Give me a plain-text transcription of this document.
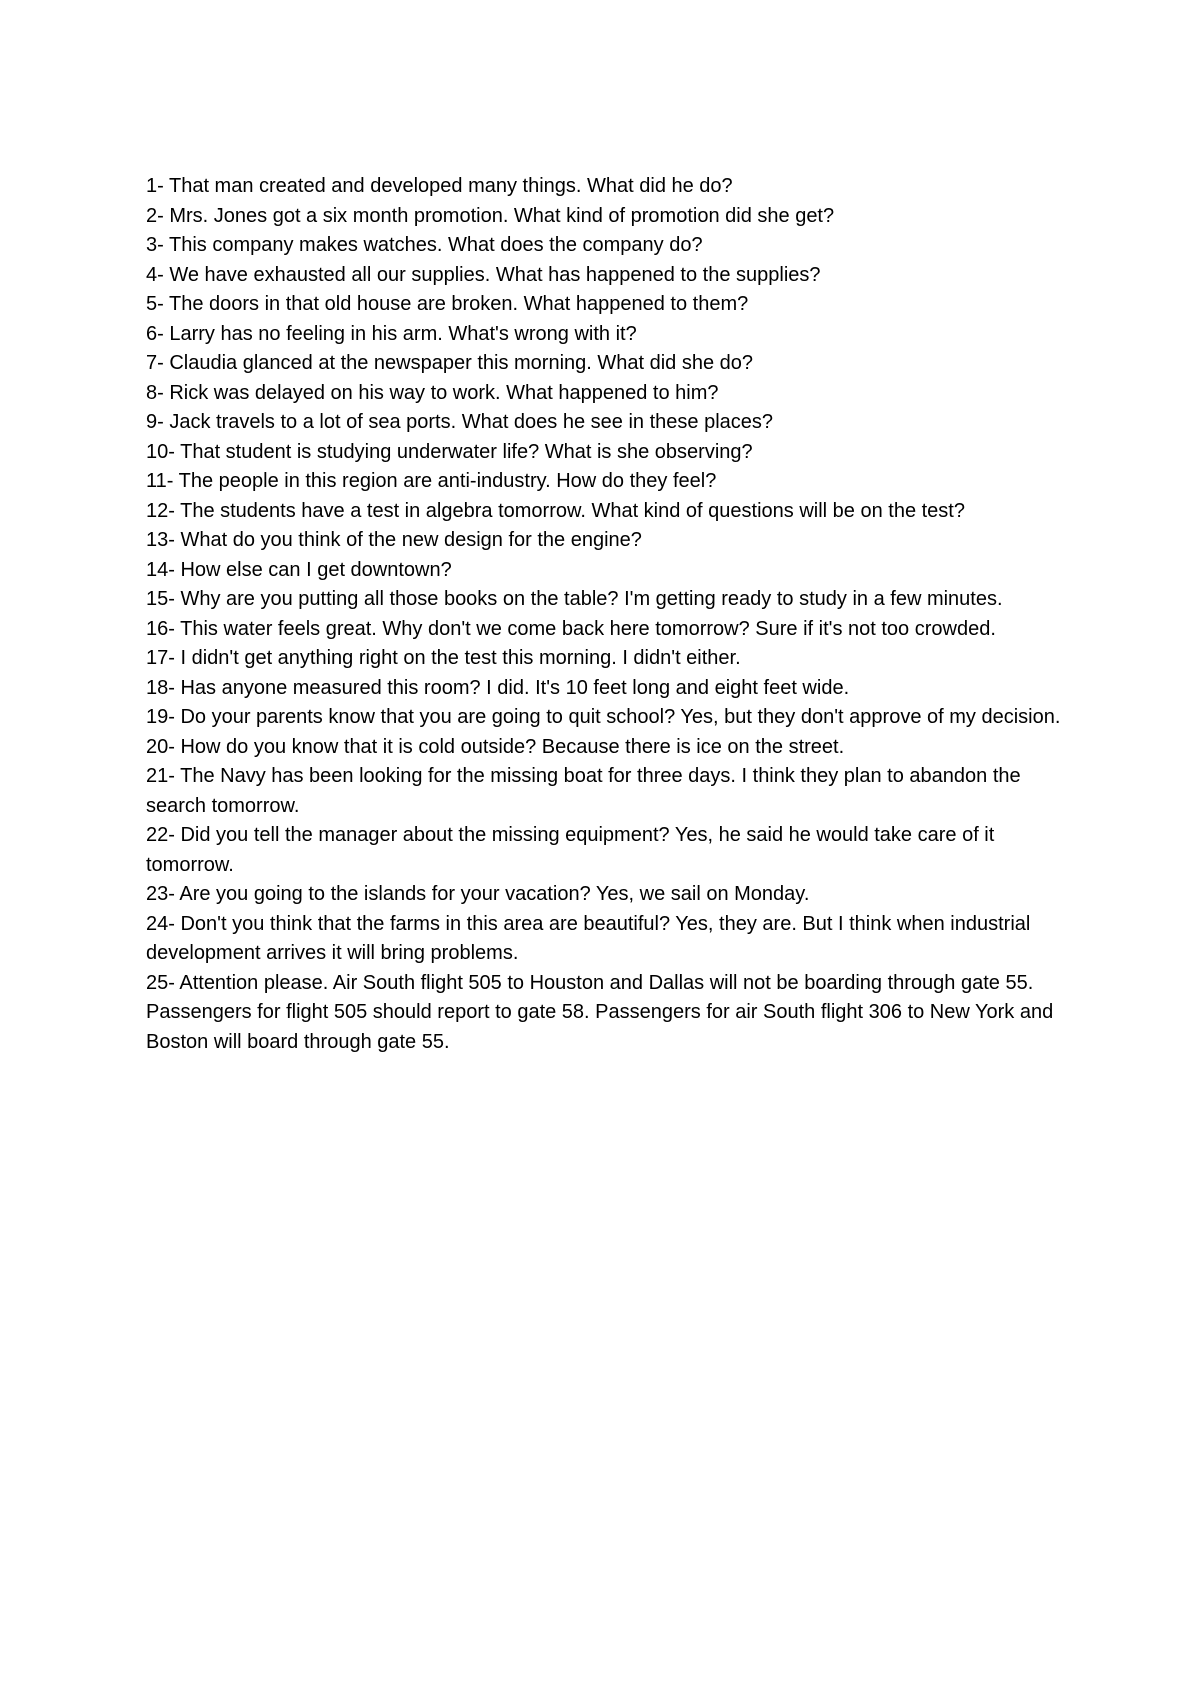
1- That man created and developed many things. What did he do?

2- Mrs. Jones got a six month promotion. What kind of promotion did she get?

3- This company makes watches. What does the company do?

4- We have exhausted all our supplies. What has happened to the supplies?

5- The doors in that old house are broken. What happened to them?

6- Larry has no feeling in his arm. What's wrong with it?

7- Claudia glanced at the newspaper this morning. What did she do?

8- Rick was delayed on his way to work. What happened to him?

9- Jack travels to a lot of sea ports. What does he see in these places?

10- That student is studying underwater life? What is she observing?

11- The people in this region are anti-industry. How do they feel?

12- The students have a test in algebra tomorrow. What kind of questions will be on the test?

13- What do you think of the new design for the engine?

14- How else can I get downtown?

15- Why are you putting all those books on the table? I'm getting ready to study in a few minutes.

16- This water feels great. Why don't we come back here tomorrow? Sure if it's not too crowded.

17- I didn't get anything right on the test this morning. I didn't either.

18- Has anyone measured this room? I did. It's 10 feet long and eight feet wide.

19- Do your parents know that you are going to quit school? Yes, but they don't approve of my decision.

20- How do you know that it is cold outside? Because there is ice on the street.

21- The Navy has been looking for the missing boat for three days. I think they plan to abandon the search tomorrow.

22- Did you tell the manager about the missing equipment? Yes, he said he would take care of it tomorrow.

23- Are you going to the islands for your vacation? Yes, we sail on Monday.

24- Don't you think that the farms in this area are beautiful? Yes, they are. But I think when industrial development arrives it will bring problems.

25- Attention please. Air South flight 505 to Houston and Dallas will not be boarding through gate 55. Passengers for flight 505 should report to gate 58. Passengers for air South flight 306 to New York and Boston will board through gate 55.
